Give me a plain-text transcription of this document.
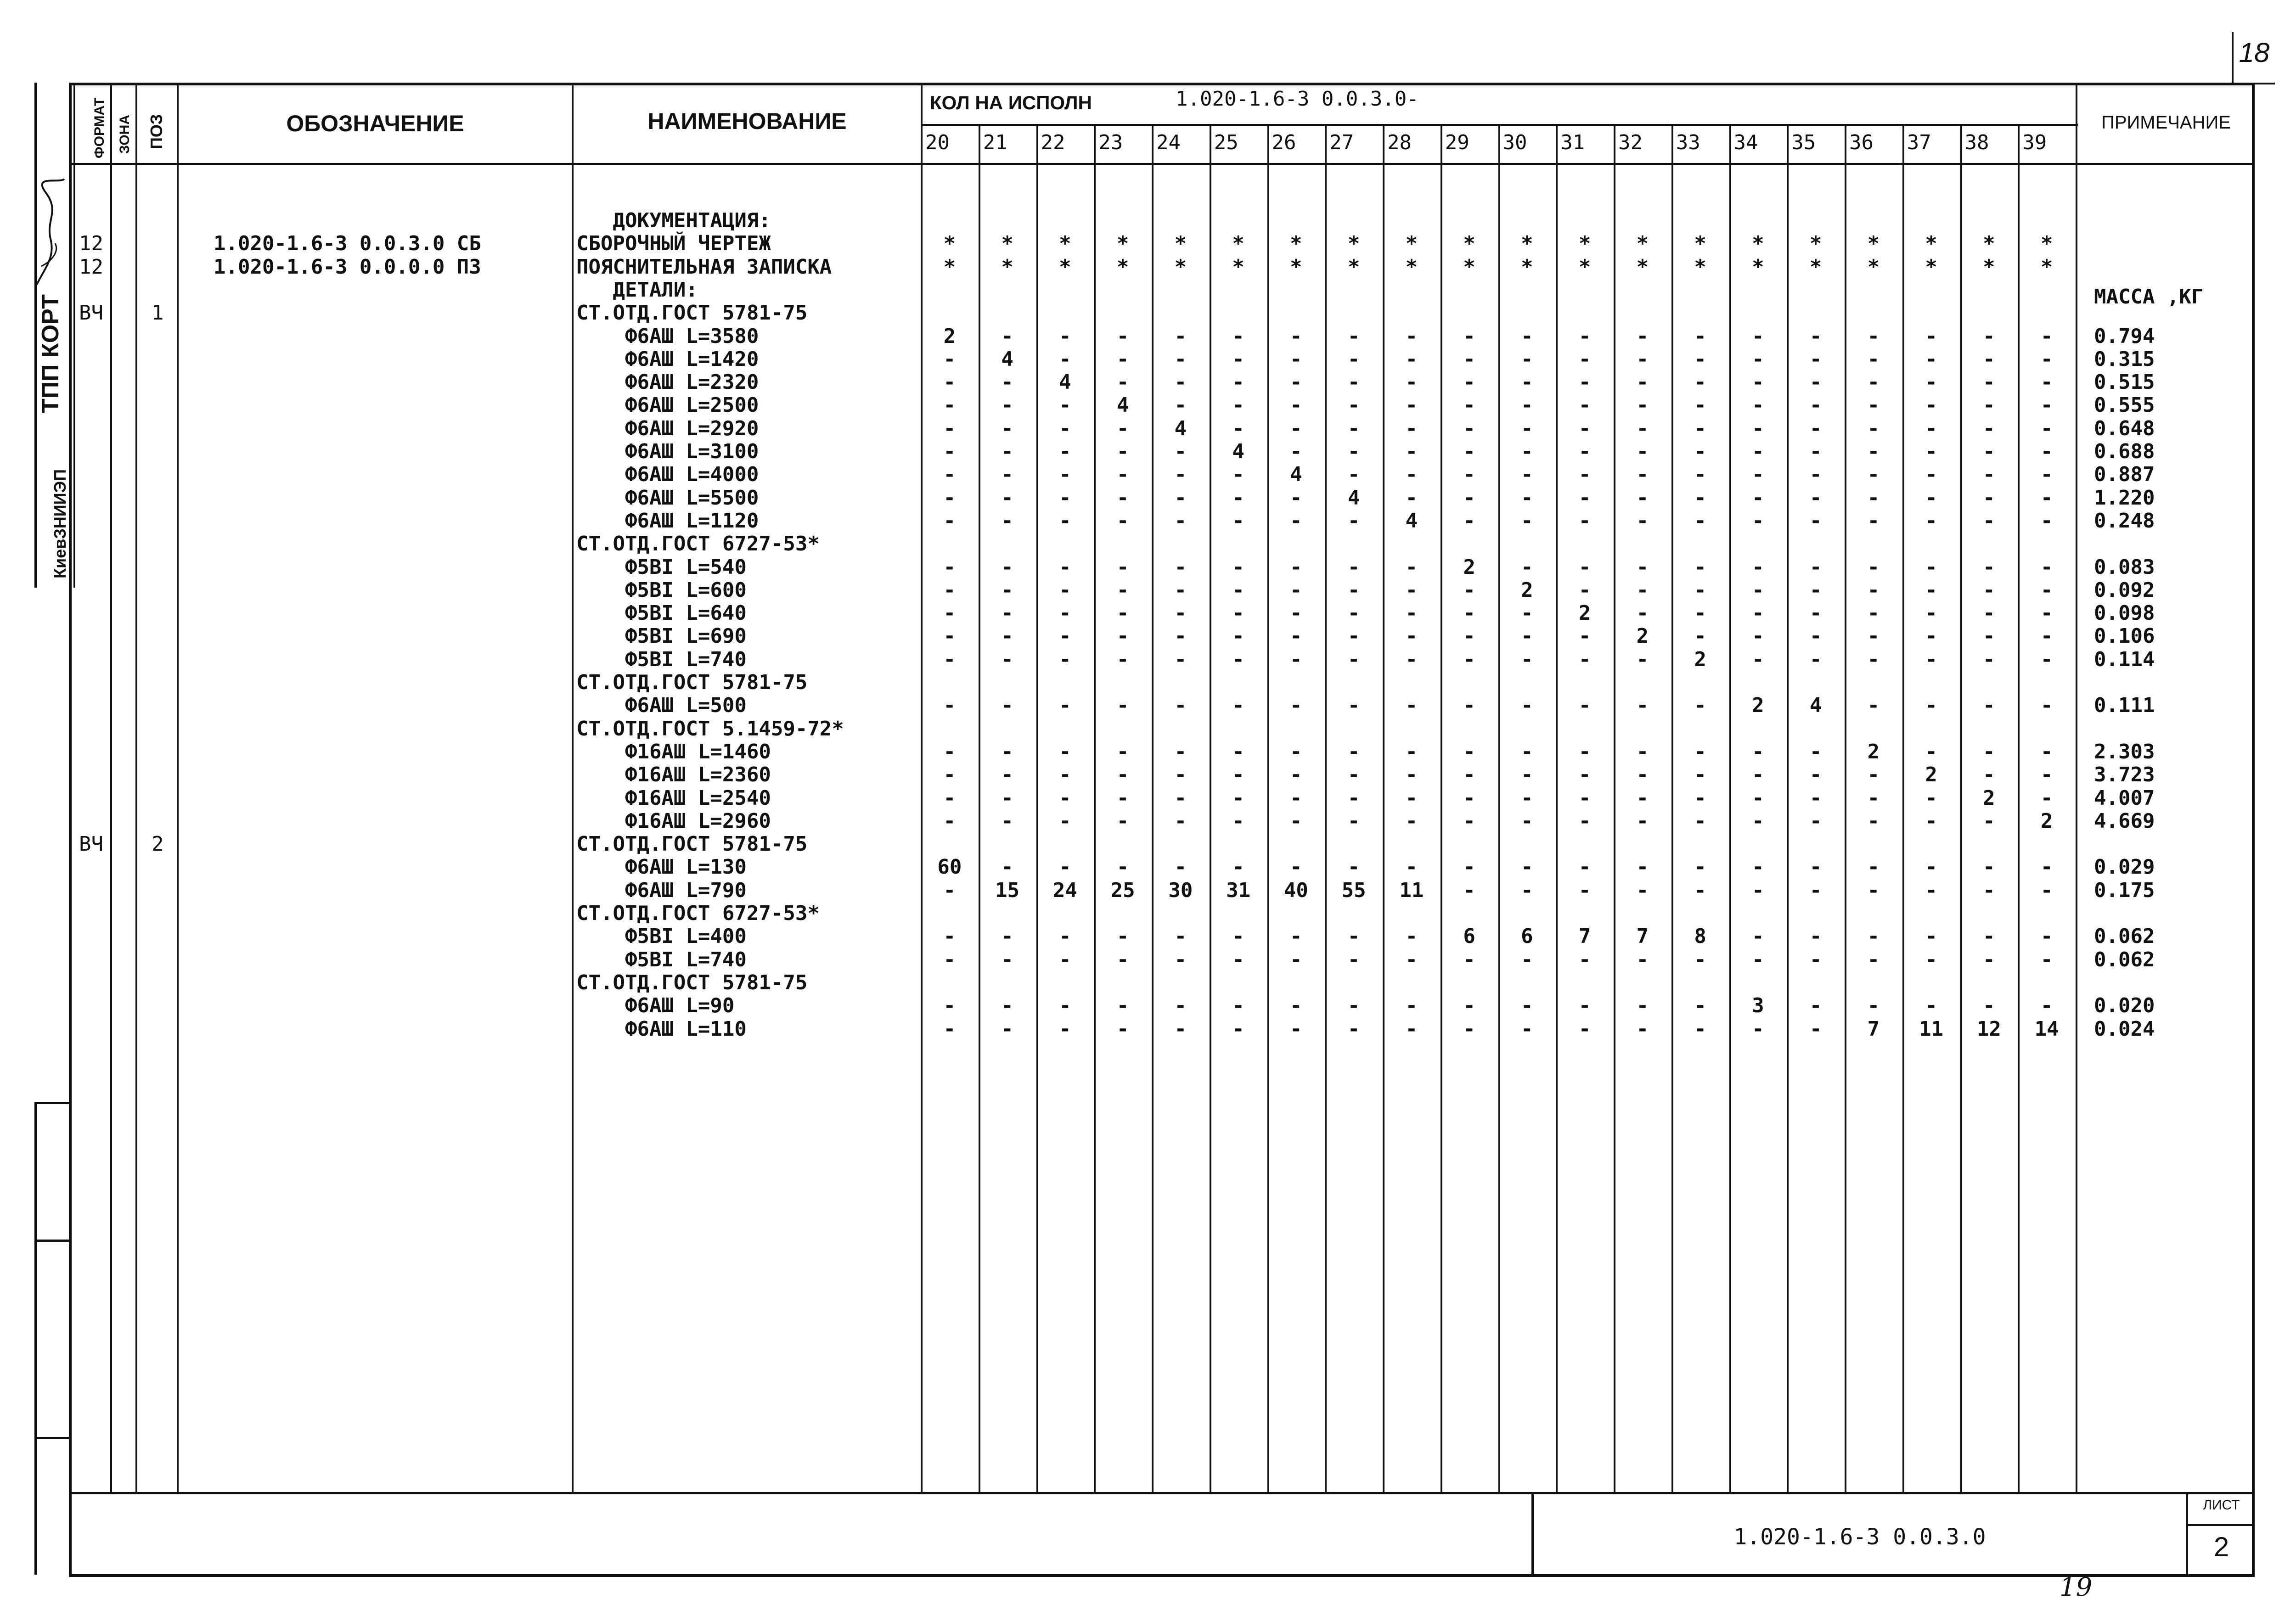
18
ТПП КОРТ
КиевЗНИИЭП
ФОРМАТ ЗОНА ПОЗ	ОБОЗНАЧЕНИЕ	НАИМЕНОВАНИЕ
КОЛ НА ИСПОЛН	1.020-1.6-3 0.0.3.0-
ПРИМЕЧАНИЕ
20 21 22 23 24 25 26 27 28 29 30 31 32 33 34 35 36 37 38 39
ДОКУМЕНТАЦИЯ:
12	1.020-1.6-3 0.0.3.0 СБ	СБОРОЧНЫЙ ЧЕРТЕЖ	*	*	*	*	*	*	*	*	*	*	*	*	*	*	*	*	*	*	*	*
12	1.020-1.6-3 0.0.0.0 ПЗ	ПОЯСНИТЕЛЬНАЯ ЗАПИСКА	*	*	*	*	*	*	*	*	*	*	*	*	*	*	*	*	*	*	*	*
ДЕТАЛИ:	МАССА ,КГ
ВЧ 1	СТ.ОТД.ГОСТ 5781-75
Ф6АШ L=3580	2	-	-	-	-	-	-	-	-	-	-	-	-	-	-	-	-	-	-	-	0.794
Ф6АШ L=1420	-	4	-	-	-	-	-	-	-	-	-	-	-	-	-	-	-	-	-	-	0.315
Ф6АШ L=2320	-	-	4	-	-	-	-	-	-	-	-	-	-	-	-	-	-	-	-	-	0.515
Ф6АШ L=2500	-	-	-	4	-	-	-	-	-	-	-	-	-	-	-	-	-	-	-	-	0.555
Ф6АШ L=2920	-	-	-	-	4	-	-	-	-	-	-	-	-	-	-	-	-	-	-	-	0.648
Ф6АШ L=3100	-	-	-	-	-	4	-	-	-	-	-	-	-	-	-	-	-	-	-	-	0.688
Ф6АШ L=4000	-	-	-	-	-	-	4	-	-	-	-	-	-	-	-	-	-	-	-	-	0.887
Ф6АШ L=5500	-	-	-	-	-	-	-	4	-	-	-	-	-	-	-	-	-	-	-	-	1.220
Ф6АШ L=1120	-	-	-	-	-	-	-	-	4	-	-	-	-	-	-	-	-	-	-	-	0.248
СТ.ОТД.ГОСТ 6727-53*
Ф5BI L=540	-	-	-	-	-	-	-	-	-	2	-	-	-	-	-	-	-	-	-	-	0.083
Ф5BI L=600	-	-	-	-	-	-	-	-	-	-	2	-	-	-	-	-	-	-	-	-	0.092
Ф5BI L=640	-	-	-	-	-	-	-	-	-	-	-	2	-	-	-	-	-	-	-	-	0.098
Ф5BI L=690	-	-	-	-	-	-	-	-	-	-	-	-	2	-	-	-	-	-	-	-	0.106
Ф5BI L=740	-	-	-	-	-	-	-	-	-	-	-	-	-	2	-	-	-	-	-	-	0.114
СТ.ОТД.ГОСТ 5781-75
Ф6АШ L=500	-	-	-	-	-	-	-	-	-	-	-	-	-	-	2	4	-	-	-	-	0.111
СТ.ОТД.ГОСТ 5.1459-72*
Ф16АШ L=1460	-	-	-	-	-	-	-	-	-	-	-	-	-	-	-	-	2	-	-	-	2.303
Ф16АШ L=2360	-	-	-	-	-	-	-	-	-	-	-	-	-	-	-	-	-	2	-	-	3.723
Ф16АШ L=2540	-	-	-	-	-	-	-	-	-	-	-	-	-	-	-	-	-	-	2	-	4.007
Ф16АШ L=2960	-	-	-	-	-	-	-	-	-	-	-	-	-	-	-	-	-	-	-	2	4.669
ВЧ 2	СТ.ОТД.ГОСТ 5781-75
Ф6АШ L=130	60	-	-	-	-	-	-	-	-	-	-	-	-	-	-	-	-	-	-	-	0.029
Ф6АШ L=790	-	15	24	25	30	31	40	55	11	-	-	-	-	-	-	-	-	-	-	-	0.175
СТ.ОТД.ГОСТ 6727-53*
Ф5BI L=400	-	-	-	-	-	-	-	-	-	6	6	7	7	8	-	-	-	-	-	-	0.062
Ф5BI L=740	-	-	-	-	-	-	-	-	-	-	-	-	-	-	-	-	-	-	-	-	0.062
СТ.ОТД.ГОСТ 5781-75
Ф6АШ L=90	-	-	-	-	-	-	-	-	-	-	-	-	-	-	3	-	-	-	-	-	0.020
Ф6АШ L=110	-	-	-	-	-	-	-	-	-	-	-	-	-	-	-	-	7	11	12	14	0.024
1.020-1.6-3 0.0.3.0
ЛИСТ
2
19
